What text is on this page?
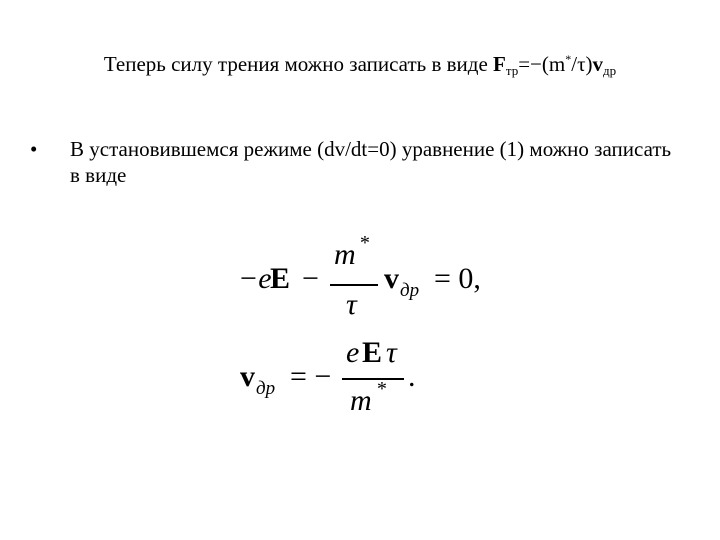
Теперь силу трения можно записать в виде $F_{тр}=-(m^*/\tau)v_{др}$
• В установившемся режиме (dv/dt=0) уравнение (1) можно записать в виде
−e
E −
m *
τ
v др = 0,
v др = −
e E τ
m * .
